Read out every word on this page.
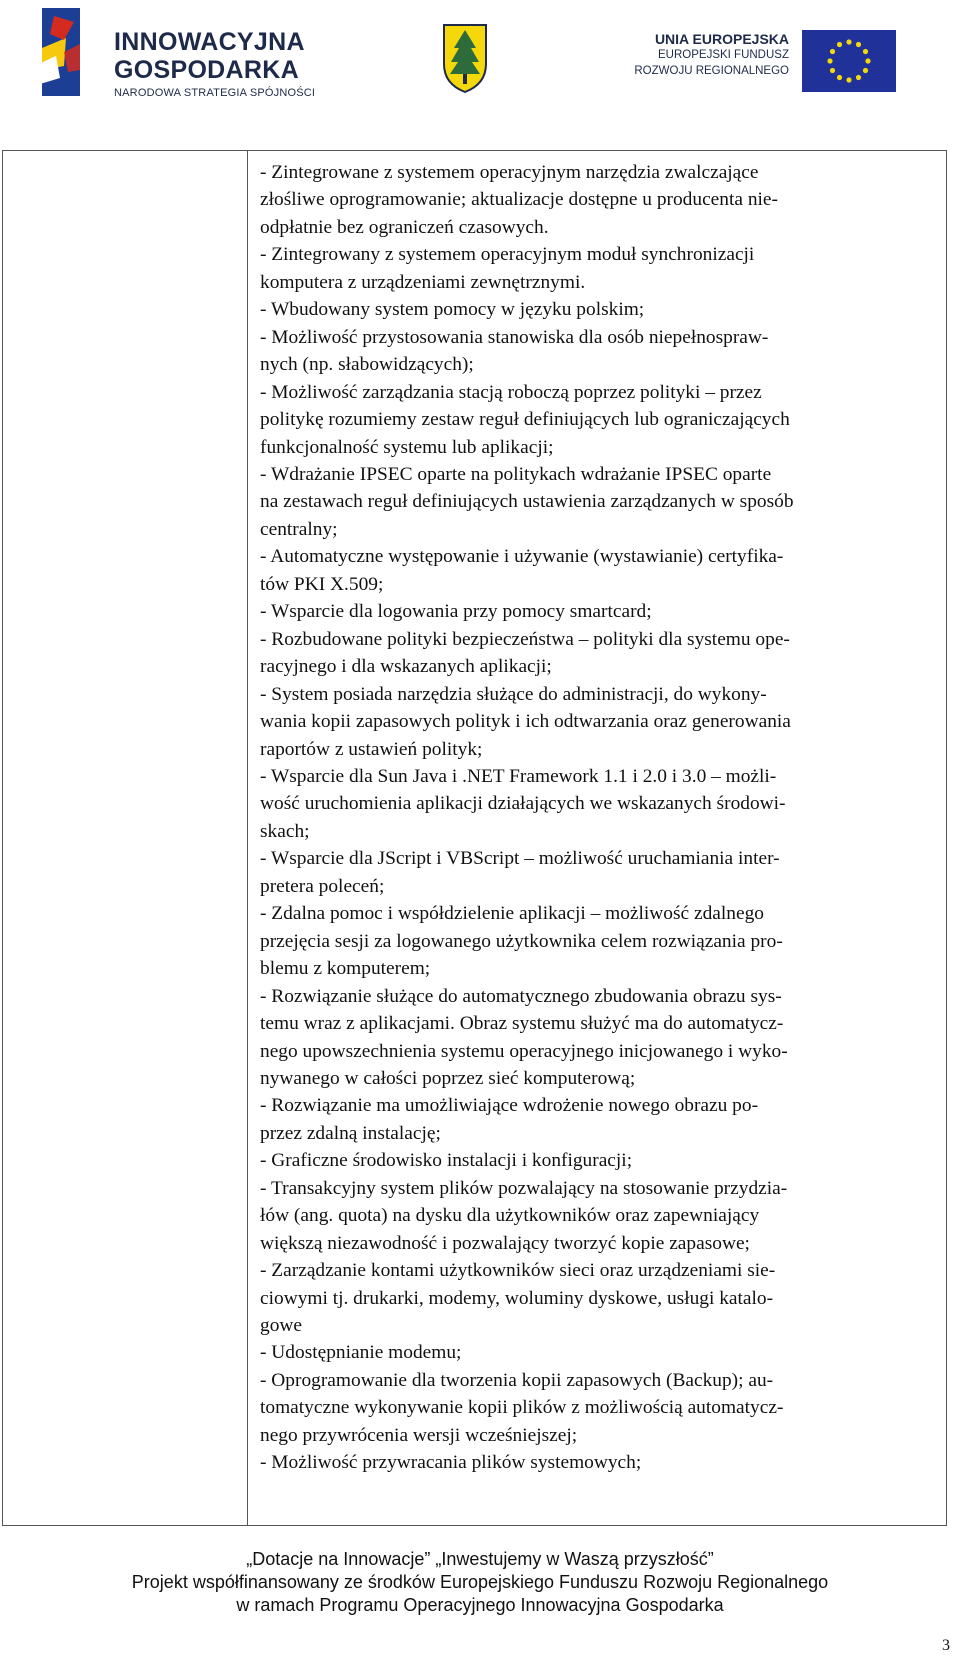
INNOWACYJNA
GOSPODARKA
NARODOWA STRATEGIA SPÓJNOŚCI
UNIA EUROPEJSKA
EUROPEJSKI FUNDUSZ
ROZWOJU REGIONALNEGO

- Zintegrowane z systemem operacyjnym narzędzia zwalczające

złośliwe oprogramowanie; aktualizacje dostępne u producenta nie-

odpłatnie bez ograniczeń czasowych.

- Zintegrowany z systemem operacyjnym moduł synchronizacji

komputera z urządzeniami zewnętrznymi.

- Wbudowany system pomocy w języku polskim;

- Możliwość przystosowania stanowiska dla osób niepełnospraw-

nych (np. słabowidzących);

- Możliwość zarządzania stacją roboczą poprzez polityki – przez

politykę rozumiemy zestaw reguł definiujących lub ograniczających

funkcjonalność systemu lub aplikacji;

- Wdrażanie IPSEC oparte na politykach wdrażanie IPSEC oparte

na zestawach reguł definiujących ustawienia zarządzanych w sposób

centralny;

- Automatyczne występowanie i używanie (wystawianie) certyfika-

tów PKI X.509;

- Wsparcie dla logowania przy pomocy smartcard;

- Rozbudowane polityki bezpieczeństwa – polityki dla systemu ope-

racyjnego i dla wskazanych aplikacji;

- System posiada narzędzia służące do administracji, do wykony-

wania kopii zapasowych polityk i ich odtwarzania oraz generowania

raportów z ustawień polityk;

- Wsparcie dla Sun Java i .NET Framework 1.1 i 2.0 i 3.0 – możli-

wość uruchomienia aplikacji działających we wskazanych środowi-

skach;

- Wsparcie dla JScript i VBScript – możliwość uruchamiania inter-

pretera poleceń;

- Zdalna pomoc i współdzielenie aplikacji – możliwość zdalnego

przejęcia sesji za logowanego użytkownika celem rozwiązania pro-

blemu z komputerem;

- Rozwiązanie służące do automatycznego zbudowania obrazu sys-

temu wraz z aplikacjami. Obraz systemu służyć ma do automatycz-

nego upowszechnienia systemu operacyjnego inicjowanego i wyko-

nywanego w całości poprzez sieć komputerową;

- Rozwiązanie ma umożliwiające wdrożenie nowego obrazu po-

przez zdalną instalację;

- Graficzne środowisko instalacji i konfiguracji;

- Transakcyjny system plików pozwalający na stosowanie przydzia-

łów (ang. quota) na dysku dla użytkowników oraz zapewniający

większą niezawodność i pozwalający tworzyć kopie zapasowe;

- Zarządzanie kontami użytkowników sieci oraz urządzeniami sie-

ciowymi tj. drukarki, modemy, woluminy dyskowe, usługi katalo-

gowe

- Udostępnianie modemu;

- Oprogramowanie dla tworzenia kopii zapasowych (Backup); au-

tomatyczne wykonywanie kopii plików z możliwością automatycz-

nego przywrócenia wersji wcześniejszej;

- Możliwość przywracania plików systemowych;

„Dotacje na Innowacje” „Inwestujemy w Waszą przyszłość”
Projekt współfinansowany ze środków Europejskiego Funduszu Rozwoju Regionalnego
w ramach Programu Operacyjnego Innowacyjna Gospodarka
3
